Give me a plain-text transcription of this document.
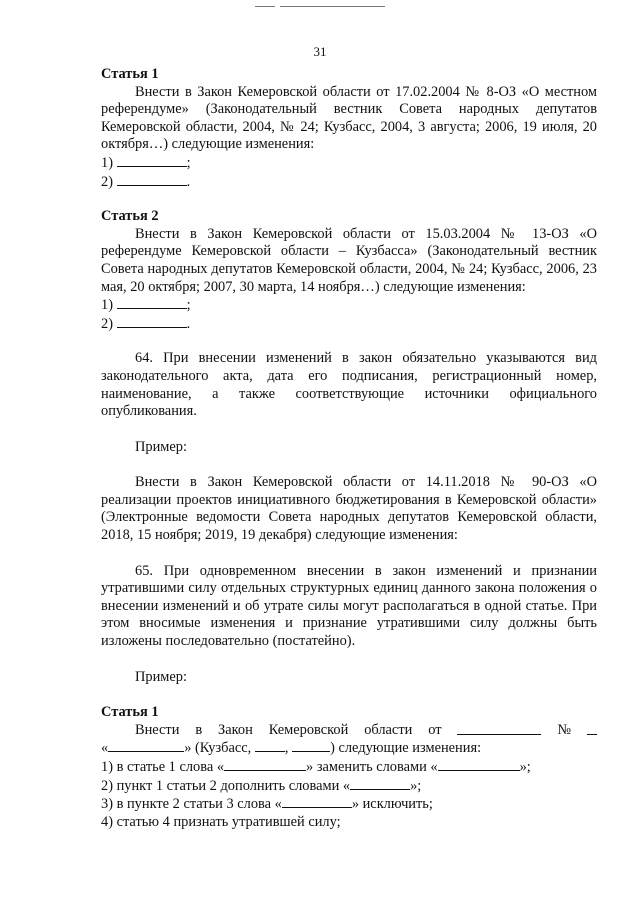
31

Статья 1

Внести в Закон Кемеровской области от 17.02.2004 № 8-ОЗ «О местном референдуме» (Законодательный вестник Совета народных депутатов Кемеровской области, 2004, № 24; Кузбасс, 2004, 3 августа; 2006, 19 июля, 20 октября…) следующие изменения:

1)	;

2)	.

Статья 2

Внести в Закон Кемеровской области от 15.03.2004 № 13-ОЗ «О референдуме Кемеровской области – Кузбасса» (Законодательный вестник Совета народных депутатов Кемеровской области, 2004, № 24; Кузбасс, 2006, 23 мая, 20 октября; 2007, 30 марта, 14 ноября…) следующие изменения:

1)	;

2)	.

64. При внесении изменений в закон обязательно указываются вид законодательного акта, дата его подписания, регистрационный номер, наименование, а также соответствующие источники официального опубликования.

Пример:

Внести в Закон Кемеровской области от 14.11.2018 № 90-ОЗ «О реализации проектов инициативного бюджетирования в Кемеровской области» (Электронные ведомости Совета народных депутатов Кемеровской области, 2018, 15 ноября; 2019, 19 декабря) следующие изменения:

65. При одновременном внесении в закон изменений и признании утратившими силу отдельных структурных единиц данного закона положения о внесении изменений и об утрате силы могут располагаться в одной статье. При этом вносимые изменения и признание утратившими силу должны быть изложены последовательно (постатейно).

Пример:

Статья 1

Внести в Закон Кемеровской области от	№

«	» (Кузбасс, ,	) следующие изменения:

1) в статье 1 слова «	» заменить словами «	»;

2) пункт 1 статьи 2 дополнить словами «	»;

3) в пункте 2 статьи 3 слова «	» исключить;

4) статью 4 признать утратившей силу;
